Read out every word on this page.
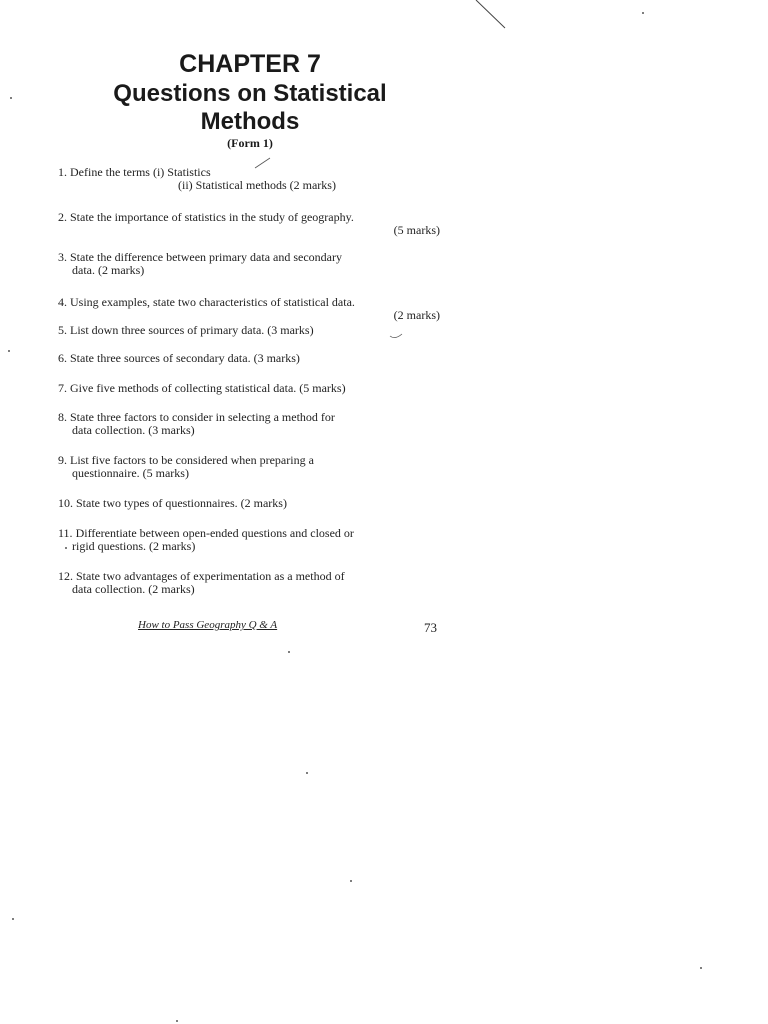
CHAPTER 7
Questions on Statistical
Methods
(Form 1)
1. Define the terms (i) Statistics
(ii) Statistical methods (2 marks)
2. State the importance of statistics in the study of geography.
(5 marks)
3. State the difference between primary data and secondary
data. (2 marks)
4. Using examples, state two characteristics of statistical data.
(2 marks)
5. List down three sources of primary data. (3 marks)
6. State three sources of secondary data. (3 marks)
7. Give five methods of collecting statistical data. (5 marks)
8. State three factors to consider in selecting a method for
data collection. (3 marks)
9. List five factors to be considered when preparing a
questionnaire. (5 marks)
10. State two types of questionnaires. (2 marks)
11. Differentiate between open-ended questions and closed or
rigid questions. (2 marks)
12. State two advantages of experimentation as a method of
data collection. (2 marks)
How to Pass Geography Q & A	73
